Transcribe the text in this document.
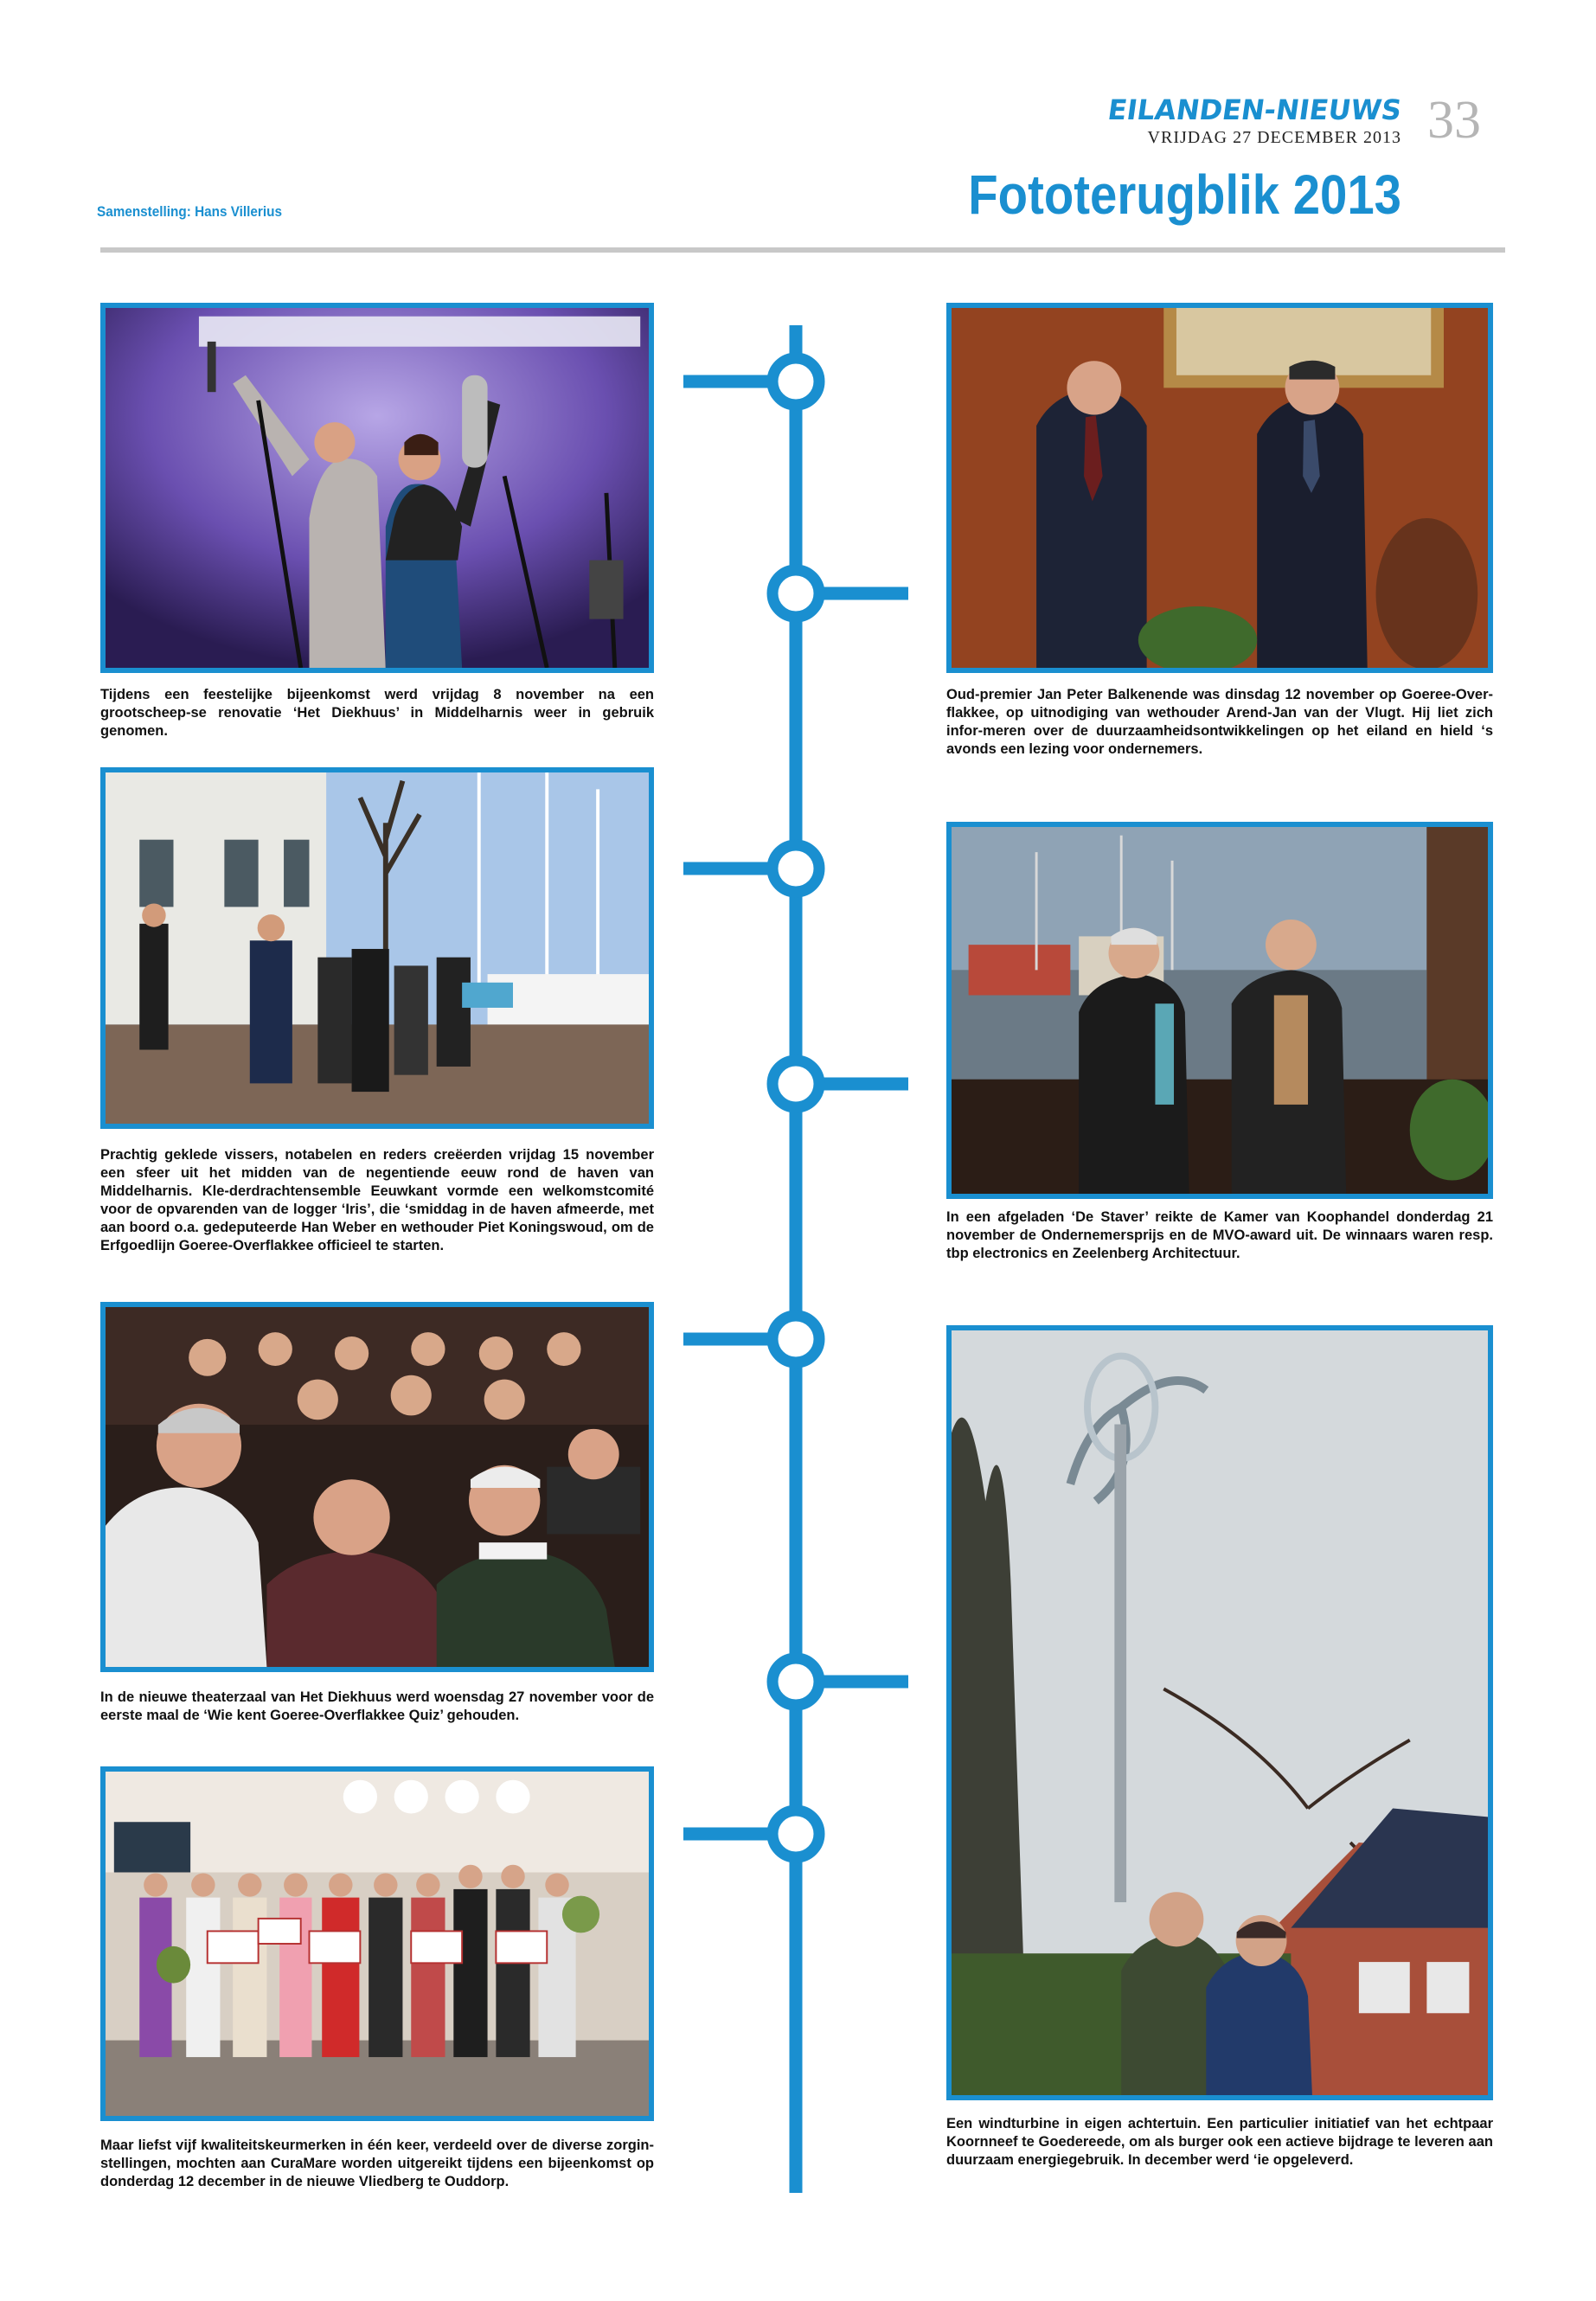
EILANDEN-NIEUWS
VRIJDAG 27 DECEMBER 2013 33
Samenstelling: Hans Villerius	Fototerugblik 2013
Tijdens een feestelijke bijeenkomst werd vrijdag 8 november na een grootscheep-se renovatie ‘Het Diekhuus’ in Middelharnis weer in gebruik genomen.
Oud-premier Jan Peter Balkenende was dinsdag 12 november op Goeree-Over-flakkee, op uitnodiging van wethouder Arend-Jan van der Vlugt. Hij liet zich infor-meren over de duurzaamheidsontwikkelingen op het eiland en hield ‘s avonds een lezing voor ondernemers.
Prachtig geklede vissers, notabelen en reders creëerden vrijdag 15 november een sfeer uit het midden van de negentiende eeuw rond de haven van Middelharnis. Kle-derdrachtensemble Eeuwkant vormde een welkomstcomité voor de opvarenden van de logger ‘Iris’, die ‘smiddag in de haven afmeerde, met aan boord o.a. gedeputeerde Han Weber en wethouder Piet Koningswoud, om de Erfgoedlijn Goeree-Overflakkee officieel te starten.
In een afgeladen ‘De Staver’ reikte de Kamer van Koophandel donderdag 21 november de Ondernemersprijs en de MVO-award uit. De winnaars waren resp. tbp electronics en Zeelenberg Architectuur.
In de nieuwe theaterzaal van Het Diekhuus werd woensdag 27 november voor de eerste maal de ‘Wie kent Goeree-Overflakkee Quiz’ gehouden.
Een windturbine in eigen achtertuin. Een particulier initiatief van het echtpaar Koornneef te Goedereede, om als burger ook een actieve bijdrage te leveren aan duurzaam energiegebruik. In december werd ‘ie opgeleverd.
Maar liefst vijf kwaliteitskeurmerken in één keer, verdeeld over de diverse zorgin-stellingen, mochten aan CuraMare worden uitgereikt tijdens een bijeenkomst op donderdag 12 december in de nieuwe Vliedberg te Ouddorp.
